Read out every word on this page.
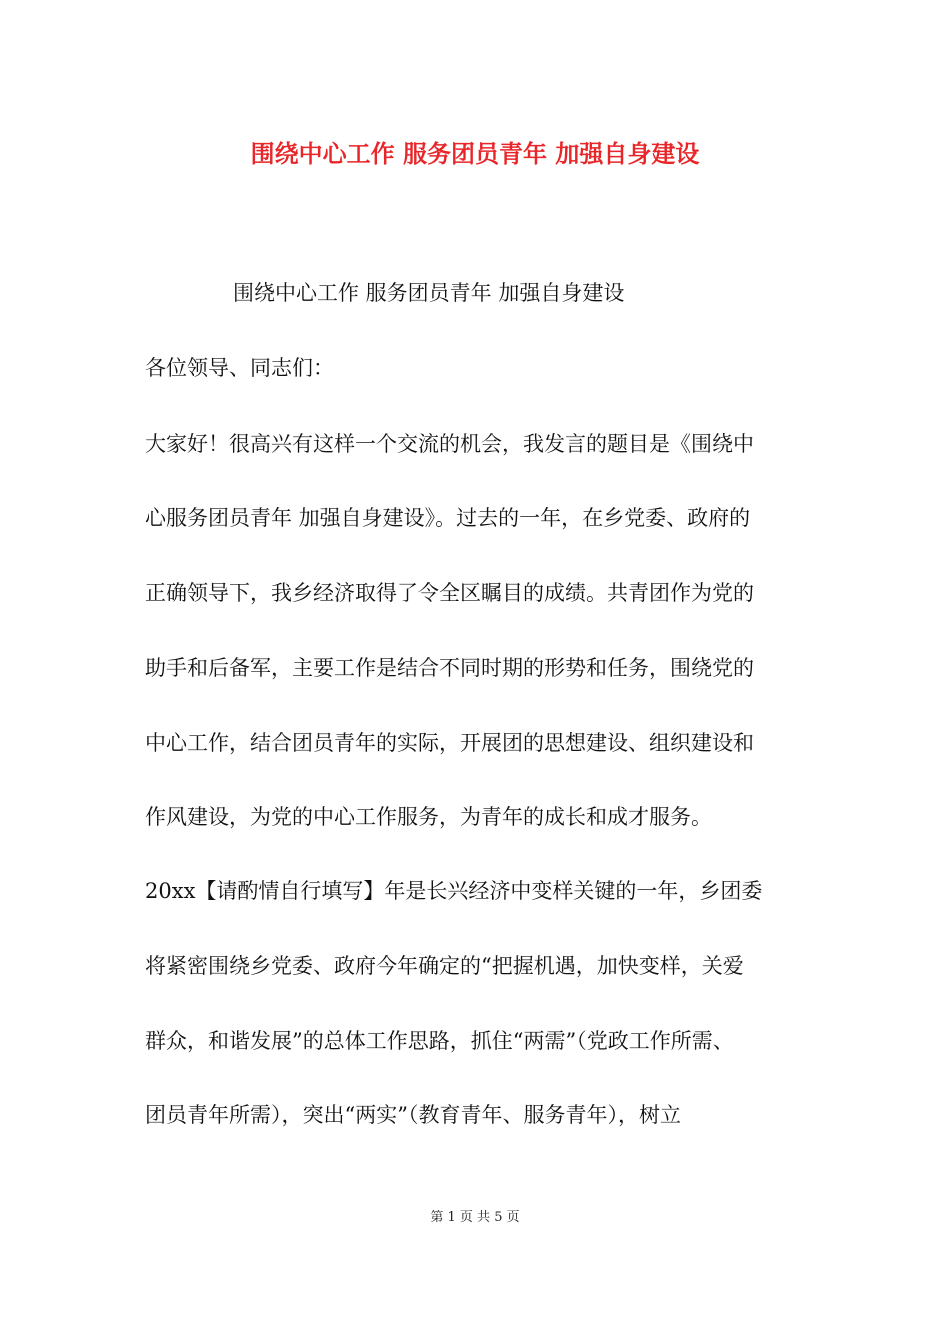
围绕中心工作 服务团员青年 加强自身建设
围绕中心工作 服务团员青年 加强自身建设
各位领导、同志们：
大家好！很高兴有这样一个交流的机会，我发言的题目是《围绕中
心服务团员青年 加强自身建设》。过去的一年，在乡党委、政府的
正确领导下，我乡经济取得了令全区瞩目的成绩。共青团作为党的
助手和后备军，主要工作是结合不同时期的形势和任务，围绕党的
中心工作，结合团员青年的实际，开展团的思想建设、组织建设和
作风建设，为党的中心工作服务，为青年的成长和成才服务。
20xx【请酌情自行填写】年是长兴经济中变样关键的一年，乡团委
将紧密围绕乡党委、政府今年确定的“把握机遇，加快变样，关爱
群众，和谐发展”的总体工作思路，抓住“两需”（党政工作所需、
团员青年所需），突出“两实”（教育青年、服务青年），树立
第 1 页 共 5 页
